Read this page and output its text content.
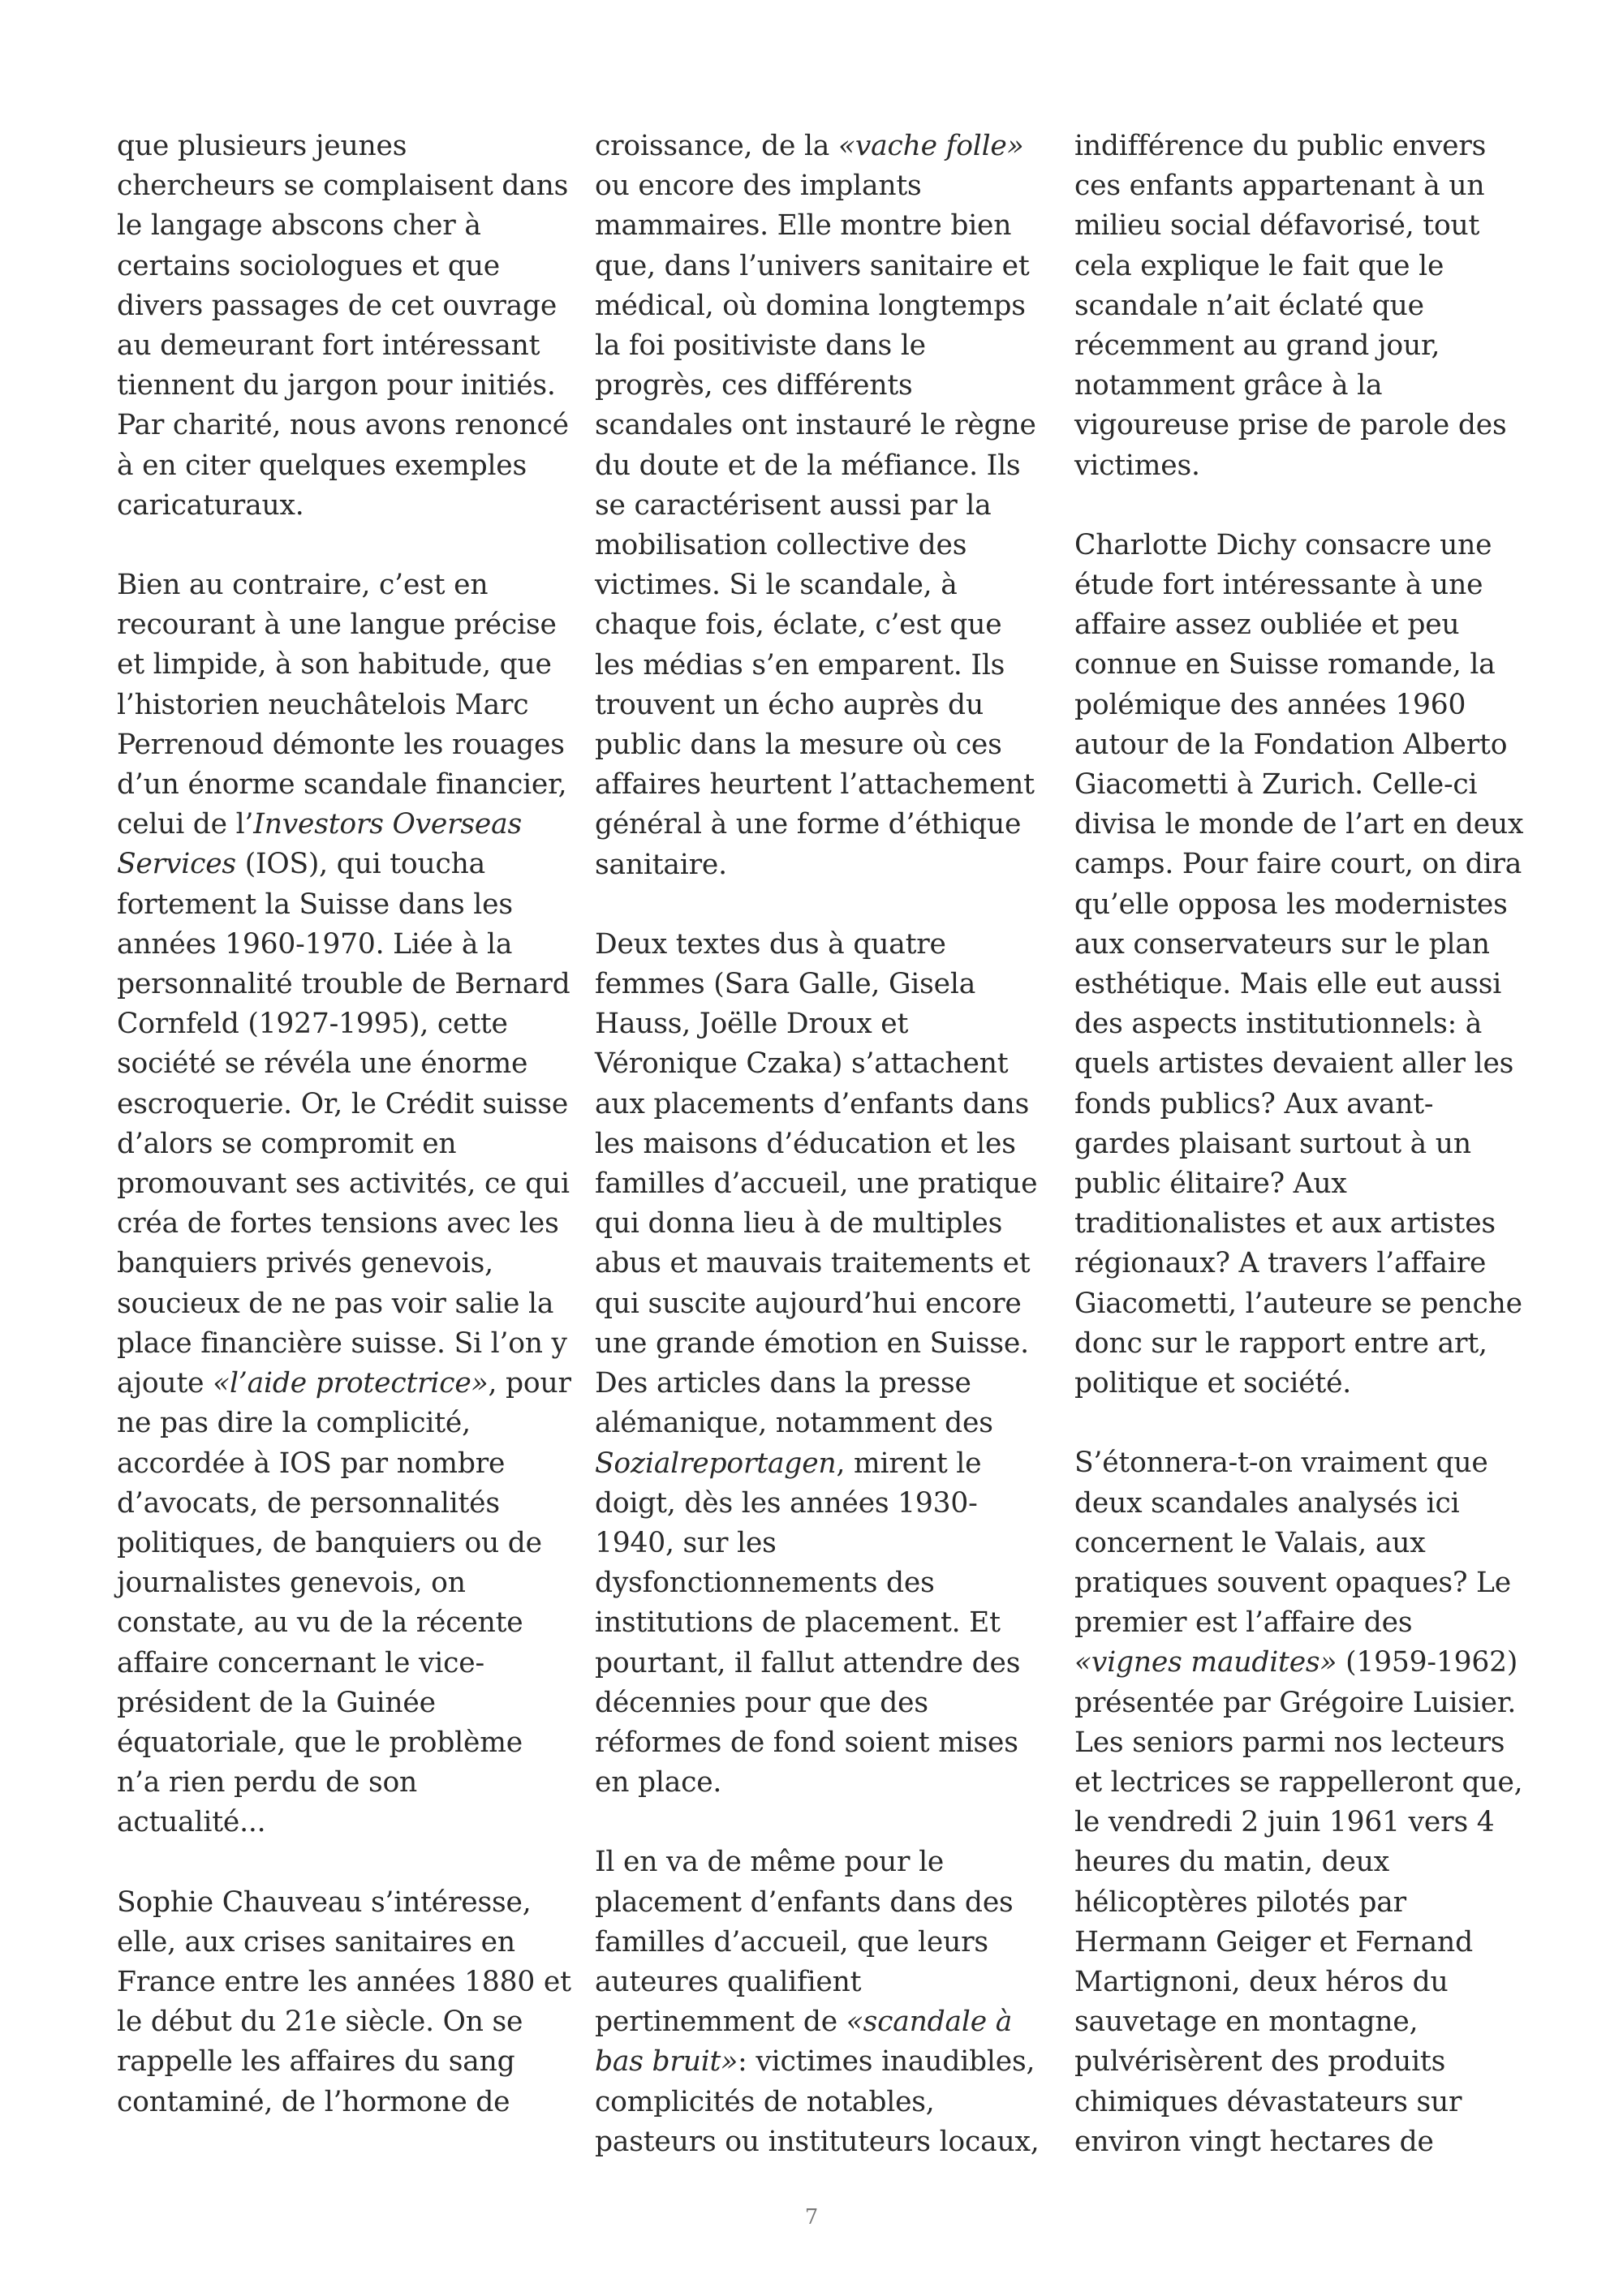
que plusieurs jeunes chercheurs se complaisent dans le langage abscons cher à certains sociologues et que divers passages de cet ouvrage au demeurant fort intéressant tiennent du jargon pour initiés. Par charité, nous avons renoncé à en citer quelques exemples caricaturaux.

Bien au contraire, c’est en recourant à une langue précise et limpide, à son habitude, que l’historien neuchâtelois Marc Perrenoud démonte les rouages d’un énorme scandale financier, celui de l’Investors Overseas Services (IOS), qui toucha fortement la Suisse dans les années 1960-1970. Liée à la personnalité trouble de Bernard Cornfeld (1927-1995), cette société se révéla une énorme escroquerie. Or, le Crédit suisse d’alors se compromit en promouvant ses activités, ce qui créa de fortes tensions avec les banquiers privés genevois, soucieux de ne pas voir salie la place financière suisse. Si l’on y ajoute «l’aide protectrice», pour ne pas dire la complicité, accordée à IOS par nombre d’avocats, de personnalités politiques, de banquiers ou de journalistes genevois, on constate, au vu de la récente affaire concernant le vice-président de la Guinée équatoriale, que le problème n’a rien perdu de son actualité...

Sophie Chauveau s’intéresse, elle, aux crises sanitaires en France entre les années 1880 et le début du 21e siècle. On se rappelle les affaires du sang contaminé, de l’hormone de

croissance, de la «vache folle» ou encore des implants mammaires. Elle montre bien que, dans l’univers sanitaire et médical, où domina longtemps la foi positiviste dans le progrès, ces différents scandales ont instauré le règne du doute et de la méfiance. Ils se caractérisent aussi par la mobilisation collective des victimes. Si le scandale, à chaque fois, éclate, c’est que les médias s’en emparent. Ils trouvent un écho auprès du public dans la mesure où ces affaires heurtent l’attachement général à une forme d’éthique sanitaire.

Deux textes dus à quatre femmes (Sara Galle, Gisela Hauss, Joëlle Droux et Véronique Czaka) s’attachent aux placements d’enfants dans les maisons d’éducation et les familles d’accueil, une pratique qui donna lieu à de multiples abus et mauvais traitements et qui suscite aujourd’hui encore une grande émotion en Suisse. Des articles dans la presse alémanique, notamment des Sozialreportagen, mirent le doigt, dès les années 1930-1940, sur les dysfonctionnements des institutions de placement. Et pourtant, il fallut attendre des décennies pour que des réformes de fond soient mises en place.

Il en va de même pour le placement d’enfants dans des familles d’accueil, que leurs auteures qualifient pertinemment de «scandale à bas bruit»: victimes inaudibles, complicités de notables, pasteurs ou instituteurs locaux,

indifférence du public envers ces enfants appartenant à un milieu social défavorisé, tout cela explique le fait que le scandale n’ait éclaté que récemment au grand jour, notamment grâce à la vigoureuse prise de parole des victimes.

Charlotte Dichy consacre une étude fort intéressante à une affaire assez oubliée et peu connue en Suisse romande, la polémique des années 1960 autour de la Fondation Alberto Giacometti à Zurich. Celle-ci divisa le monde de l’art en deux camps. Pour faire court, on dira qu’elle opposa les modernistes aux conservateurs sur le plan esthétique. Mais elle eut aussi des aspects institutionnels: à quels artistes devaient aller les fonds publics? Aux avant-gardes plaisant surtout à un public élitaire? Aux traditionalistes et aux artistes régionaux? A travers l’affaire Giacometti, l’auteure se penche donc sur le rapport entre art, politique et société.

S’étonnera-t-on vraiment que deux scandales analysés ici concernent le Valais, aux pratiques souvent opaques? Le premier est l’affaire des «vignes maudites» (1959-1962) présentée par Grégoire Luisier. Les seniors parmi nos lecteurs et lectrices se rappelleront que, le vendredi 2 juin 1961 vers 4 heures du matin, deux hélicoptères pilotés par Hermann Geiger et Fernand Martignoni, deux héros du sauvetage en montagne, pulvérisèrent des produits chimiques dévastateurs sur environ vingt hectares de

7
